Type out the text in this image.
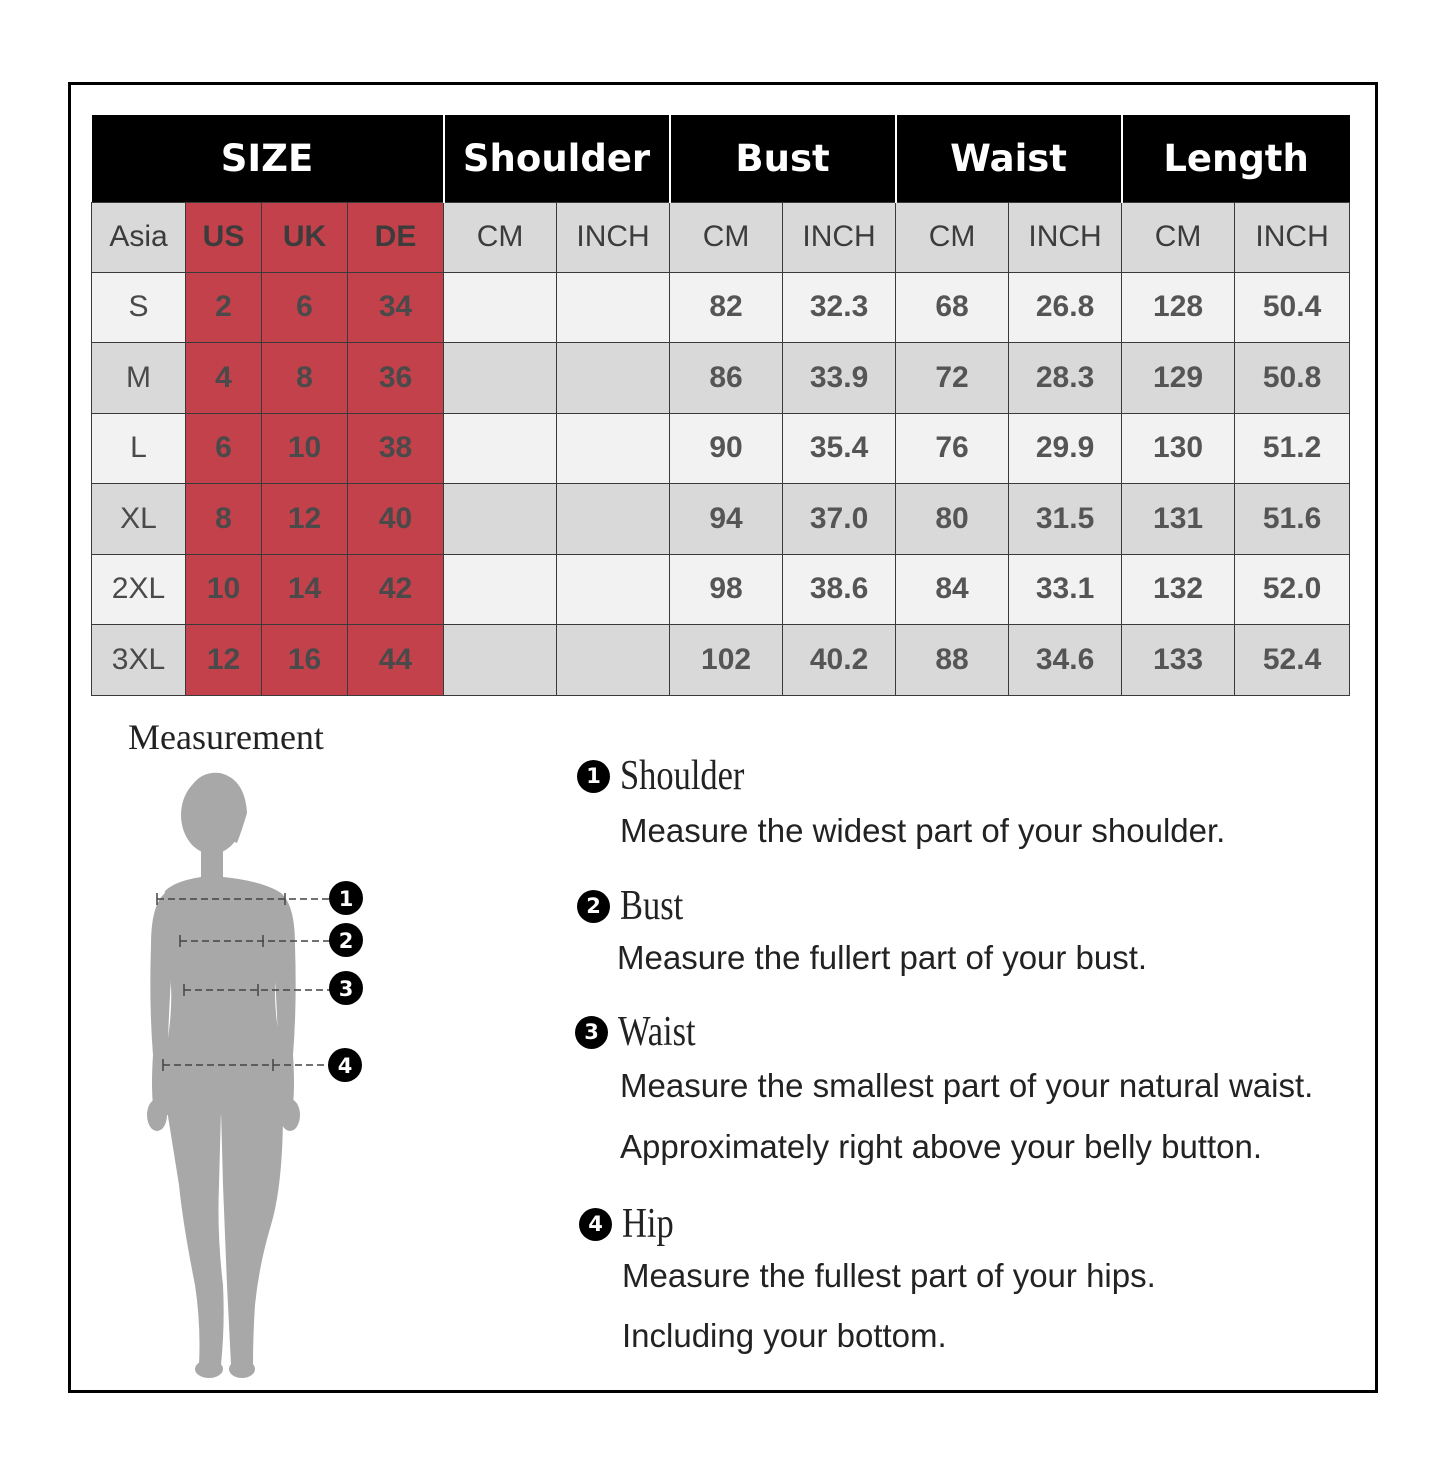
SIZE				Shoulder		Bust		Waist		Length	
Asia	US	UK	DE	CM	INCH	CM	INCH	CM	INCH	CM	INCH
S	2	6	34			82	32.3	68	26.8	128	50.4
M	4	8	36			86	33.9	72	28.3	129	50.8
L	6	10	38			90	35.4	76	29.9	130	51.2
XL	8	12	40			94	37.0	80	31.5	131	51.6
2XL	10	14	42			98	38.6	84	33.1	132	52.0
3XL	12	16	44			102	40.2	88	34.6	133	52.4
Measurement
1
2
3
4
1 Shoulder
Measure the widest part of your shoulder.
2 Bust
Measure the fullert part of your bust.
3 Waist
Measure the smallest part of your natural waist.
Approximately right above your belly button.
4 Hip
Measure the fullest part of your hips.
Including your bottom.
